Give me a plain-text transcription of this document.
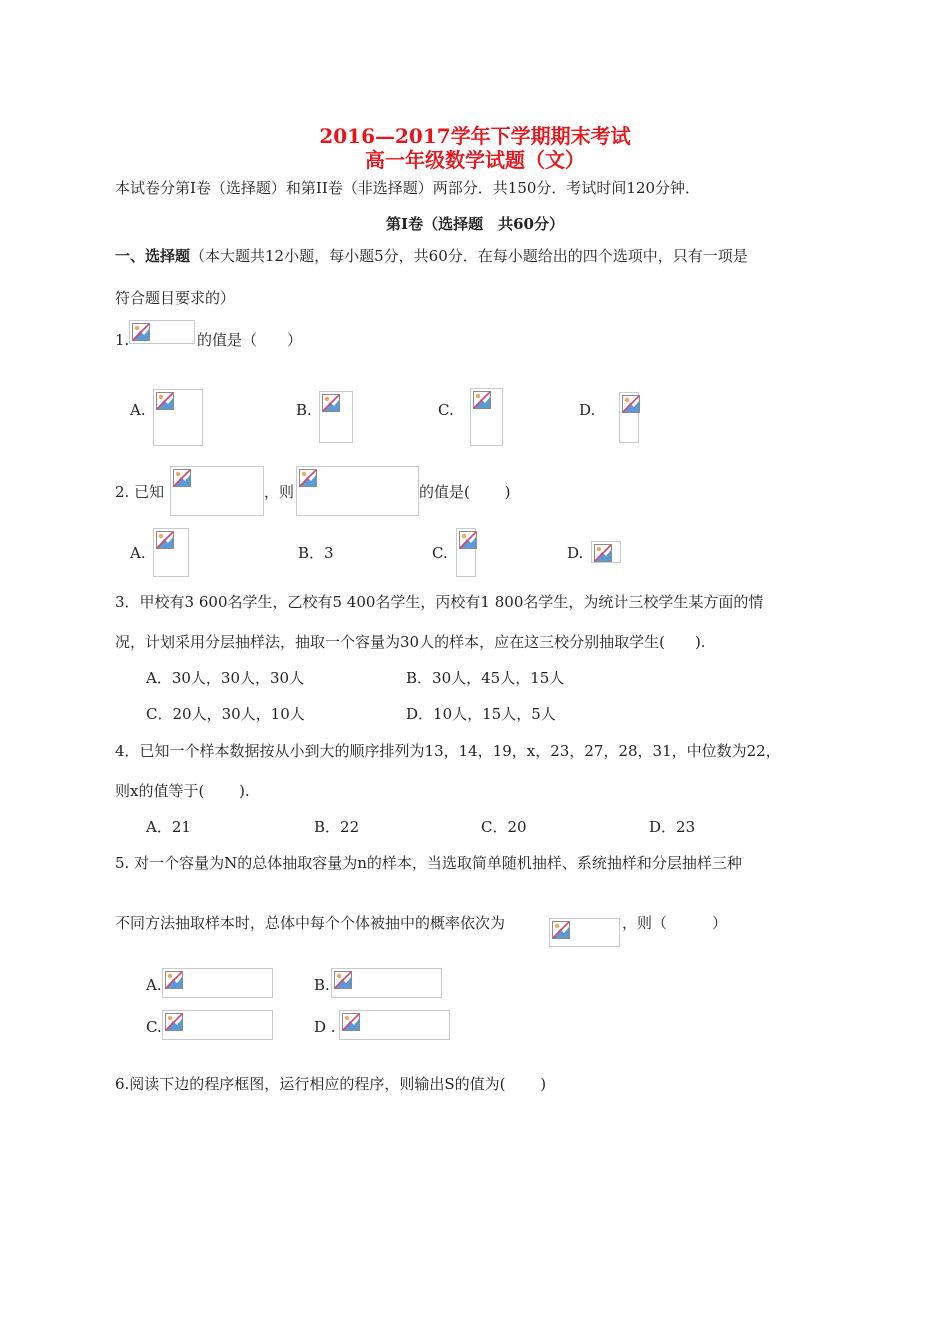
2016—2017学年下学期期末考试
高一年级数学试题（文）
本试卷分第I卷（选择题）和第II卷（非选择题）两部分．共150分．考试时间120分钟．
第I卷（选择题　共60分）
一、选择题（本大题共12小题，每小题5分，共60分．在每小题给出的四个选项中，只有一项是
符合题目要求的）
1.	的值是（　　）
A.	B.	C.	D.
2. 已知	，则	的值是(　　 )
A.	B．3	C.	D.
3．甲校有3 600名学生，乙校有5 400名学生，丙校有1 800名学生，为统计三校学生某方面的情
况，计划采用分层抽样法，抽取一个容量为30人的样本，应在这三校分别抽取学生(　　).
A．30人，30人，30人	B．30人，45人，15人
C．20人，30人，10人	D．10人，15人，5人
4．已知一个样本数据按从小到大的顺序排列为13，14，19，x，23，27，28，31，中位数为22，
则x的值等于(　　 ).
A．21	B．22	C．20	D．23
5. 对一个容量为N的总体抽取容量为n的样本，当选取简单随机抽样、系统抽样和分层抽样三种
不同方法抽取样本时，总体中每个个体被抽中的概率依次为	，则（　　　）
A.	B.
C.	D .
6.阅读下边的程序框图，运行相应的程序，则输出S的值为(　　 )
